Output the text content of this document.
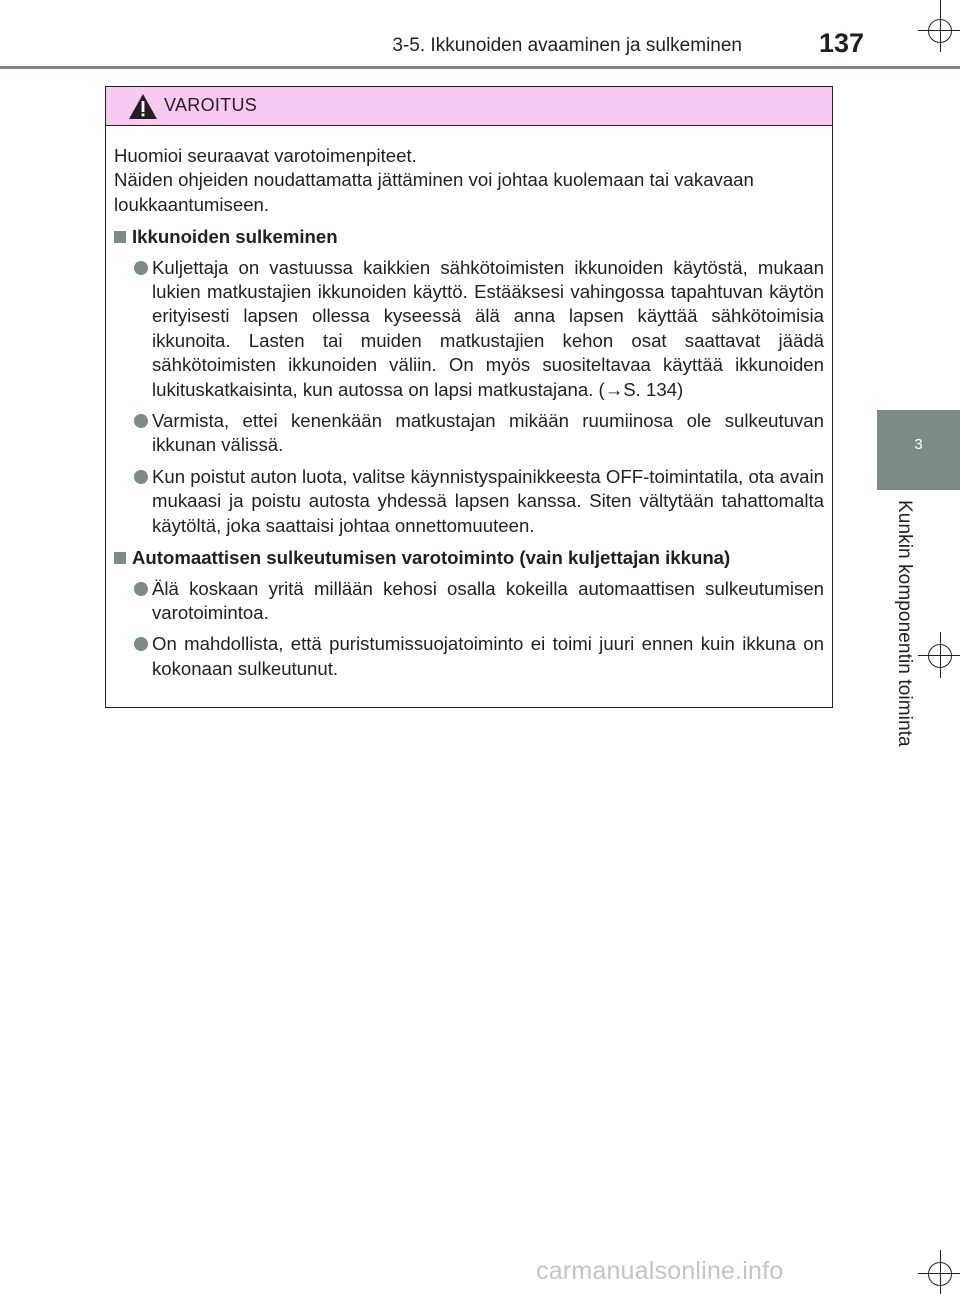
3-5. Ikkunoiden avaaminen ja sulkeminen	137
3
Kunkin komponentin toiminta
VAROITUS
Huomioi seuraavat varotoimenpiteet.
Näiden ohjeiden noudattamatta jättäminen voi johtaa kuolemaan tai vakavaan loukkaantumiseen.
Ikkunoiden sulkeminen
Kuljettaja on vastuussa kaikkien sähkötoimisten ikkunoiden käytöstä, mukaan lukien matkustajien ikkunoiden käyttö. Estääksesi vahingossa tapahtuvan käytön erityisesti lapsen ollessa kyseessä älä anna lapsen käyttää sähkötoimisia ikkunoita. Lasten tai muiden matkustajien kehon osat saattavat jäädä sähkötoimisten ikkunoiden väliin. On myös suositeltavaa käyttää ikkunoiden lukituskatkaisinta, kun autossa on lapsi matkustajana. (→S. 134)
Varmista, ettei kenenkään matkustajan mikään ruumiinosa ole sulkeutuvan ikkunan välissä.
Kun poistut auton luota, valitse käynnistyspainikkeesta OFF-toimintatila, ota avain mukaasi ja poistu autosta yhdessä lapsen kanssa. Siten vältytään tahattomalta käytöltä, joka saattaisi johtaa onnettomuuteen.
Automaattisen sulkeutumisen varotoiminto (vain kuljettajan ikkuna)
Älä koskaan yritä millään kehosi osalla kokeilla automaattisen sulkeutumisen varotoimintoa.
On mahdollista, että puristumissuojatoiminto ei toimi juuri ennen kuin ikkuna on kokonaan sulkeutunut.
carmanualsonline.info
